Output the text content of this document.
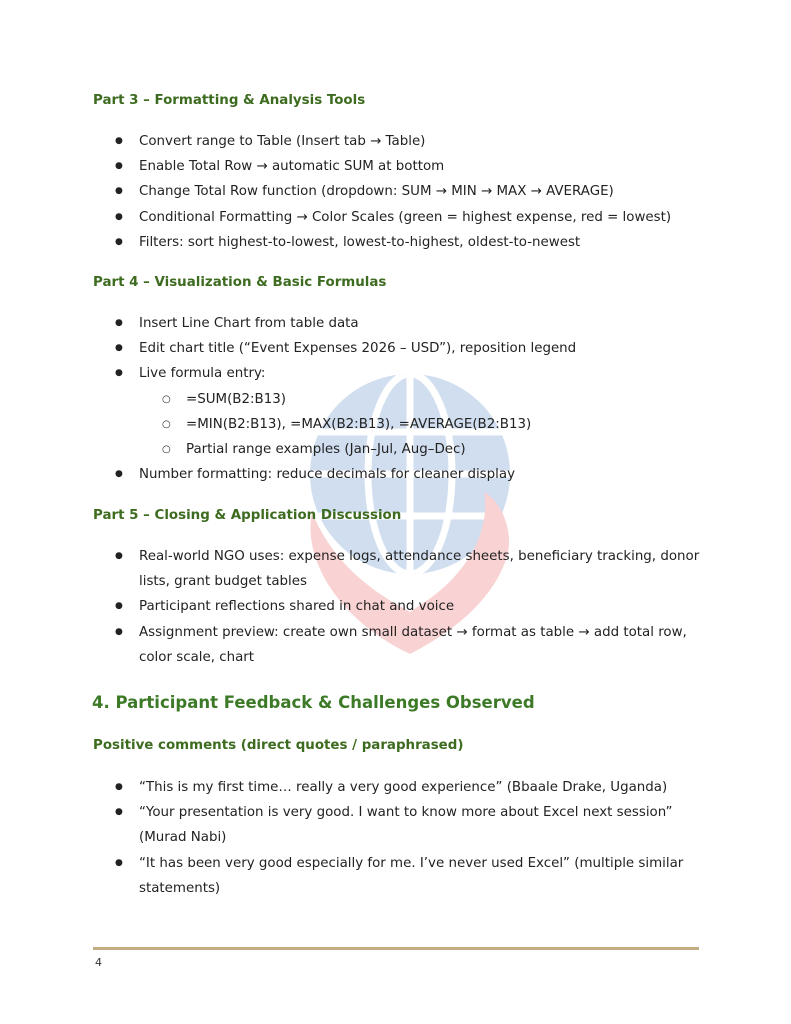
Part 3 – Formatting & Analysis Tools
● Convert range to Table (Insert tab → Table)
● Enable Total Row → automatic SUM at bottom
● Change Total Row function (dropdown: SUM → MIN → MAX → AVERAGE)
● Conditional Formatting → Color Scales (green = highest expense, red = lowest)
● Filters: sort highest-to-lowest, lowest-to-highest, oldest-to-newest
Part 4 – Visualization & Basic Formulas
● Insert Line Chart from table data
● Edit chart title (“Event Expenses 2026 – USD”), reposition legend
● Live formula entry:
○ =SUM(B2:B13)
○ =MIN(B2:B13), =MAX(B2:B13), =AVERAGE(B2:B13)
○ Partial range examples (Jan–Jul, Aug–Dec)
● Number formatting: reduce decimals for cleaner display
Part 5 – Closing & Application Discussion
● Real-world NGO uses: expense logs, attendance sheets, beneficiary tracking, donor lists, grant budget tables
● Participant reflections shared in chat and voice
● Assignment preview: create own small dataset → format as table → add total row, color scale, chart
4. Participant Feedback & Challenges Observed
Positive comments (direct quotes / paraphrased)
● “This is my first time… really a very good experience” (Bbaale Drake, Uganda)
● “Your presentation is very good. I want to know more about Excel next session” (Murad Nabi)
● “It has been very good especially for me. I’ve never used Excel” (multiple similar statements)
4
